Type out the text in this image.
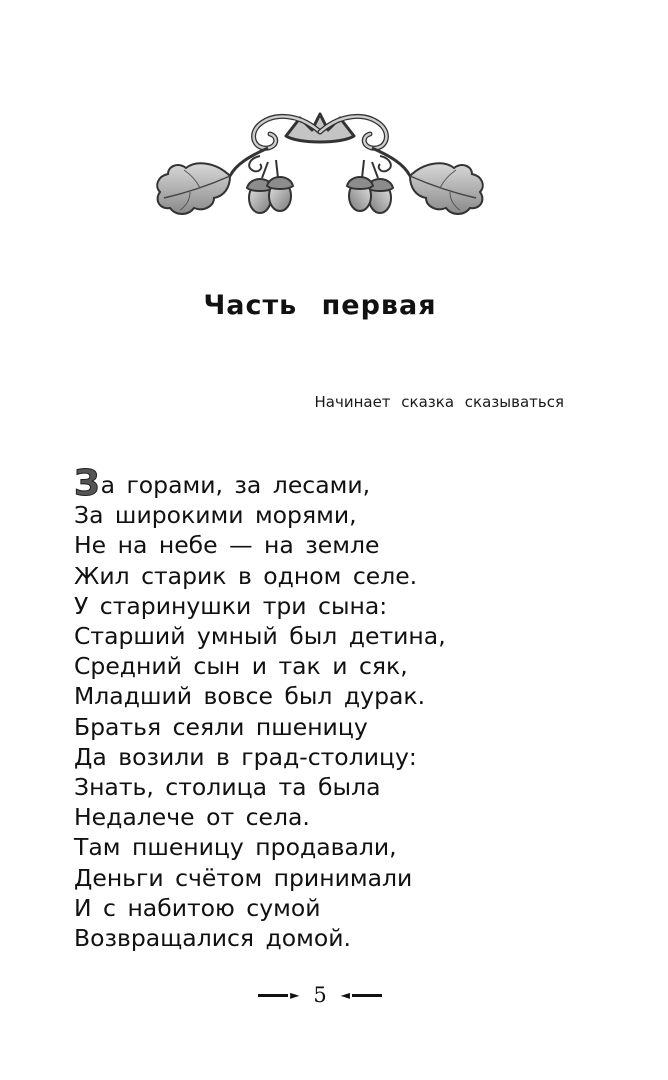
Часть первая

Начинает сказка сказываться

За горами, за лесами,
За широкими морями,
Не на небе — на земле
Жил старик в одном селе.
У старинушки три сына:
Старший умный был детина,
Средний сын и так и сяк,
Младший вовсе был дурак.
Братья сеяли пшеницу
Да возили в град-столицу:
Знать, столица та была
Недалече от села.
Там пшеницу продавали,
Деньги счётом принимали
И с набитою сумой
Возвращалися домой.
► 5 ◄
